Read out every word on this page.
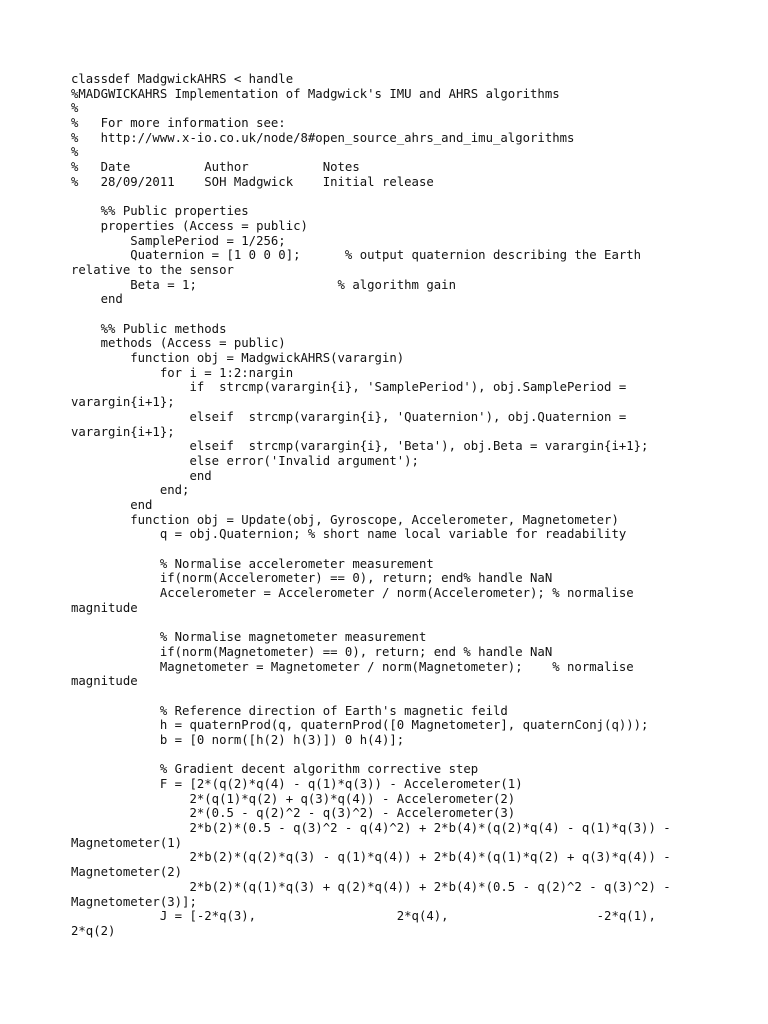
classdef MadgwickAHRS < handle
%MADGWICKAHRS Implementation of Madgwick's IMU and AHRS algorithms
%
%   For more information see:
%   http://www.x-io.co.uk/node/8#open_source_ahrs_and_imu_algorithms
%
%   Date          Author          Notes
%   28/09/2011    SOH Madgwick    Initial release
%% Public properties
properties (Access = public)
SamplePeriod = 1/256;
Quaternion = [1 0 0 0];      % output quaternion describing the Earth
relative to the sensor
Beta = 1;                   % algorithm gain
end
%% Public methods
methods (Access = public)
function obj = MadgwickAHRS(varargin)
for i = 1:2:nargin
if  strcmp(varargin{i}, 'SamplePeriod'), obj.SamplePeriod =
varargin{i+1};
elseif  strcmp(varargin{i}, 'Quaternion'), obj.Quaternion =
varargin{i+1};
elseif  strcmp(varargin{i}, 'Beta'), obj.Beta = varargin{i+1};
else error('Invalid argument');
end
end;
end
function obj = Update(obj, Gyroscope, Accelerometer, Magnetometer)
q = obj.Quaternion; % short name local variable for readability
% Normalise accelerometer measurement
if(norm(Accelerometer) == 0), return; end% handle NaN
Accelerometer = Accelerometer / norm(Accelerometer); % normalise
magnitude
% Normalise magnetometer measurement
if(norm(Magnetometer) == 0), return; end % handle NaN
Magnetometer = Magnetometer / norm(Magnetometer);    % normalise
magnitude
% Reference direction of Earth's magnetic feild
h = quaternProd(q, quaternProd([0 Magnetometer], quaternConj(q)));
b = [0 norm([h(2) h(3)]) 0 h(4)];
% Gradient decent algorithm corrective step
F = [2*(q(2)*q(4) - q(1)*q(3)) - Accelerometer(1)
2*(q(1)*q(2) + q(3)*q(4)) - Accelerometer(2)
2*(0.5 - q(2)^2 - q(3)^2) - Accelerometer(3)
2*b(2)*(0.5 - q(3)^2 - q(4)^2) + 2*b(4)*(q(2)*q(4) - q(1)*q(3)) -
Magnetometer(1)
2*b(2)*(q(2)*q(3) - q(1)*q(4)) + 2*b(4)*(q(1)*q(2) + q(3)*q(4)) -
Magnetometer(2)
2*b(2)*(q(1)*q(3) + q(2)*q(4)) + 2*b(4)*(0.5 - q(2)^2 - q(3)^2) -
Magnetometer(3)];
J = [-2*q(3),                   2*q(4),                    -2*q(1),
2*q(2)
